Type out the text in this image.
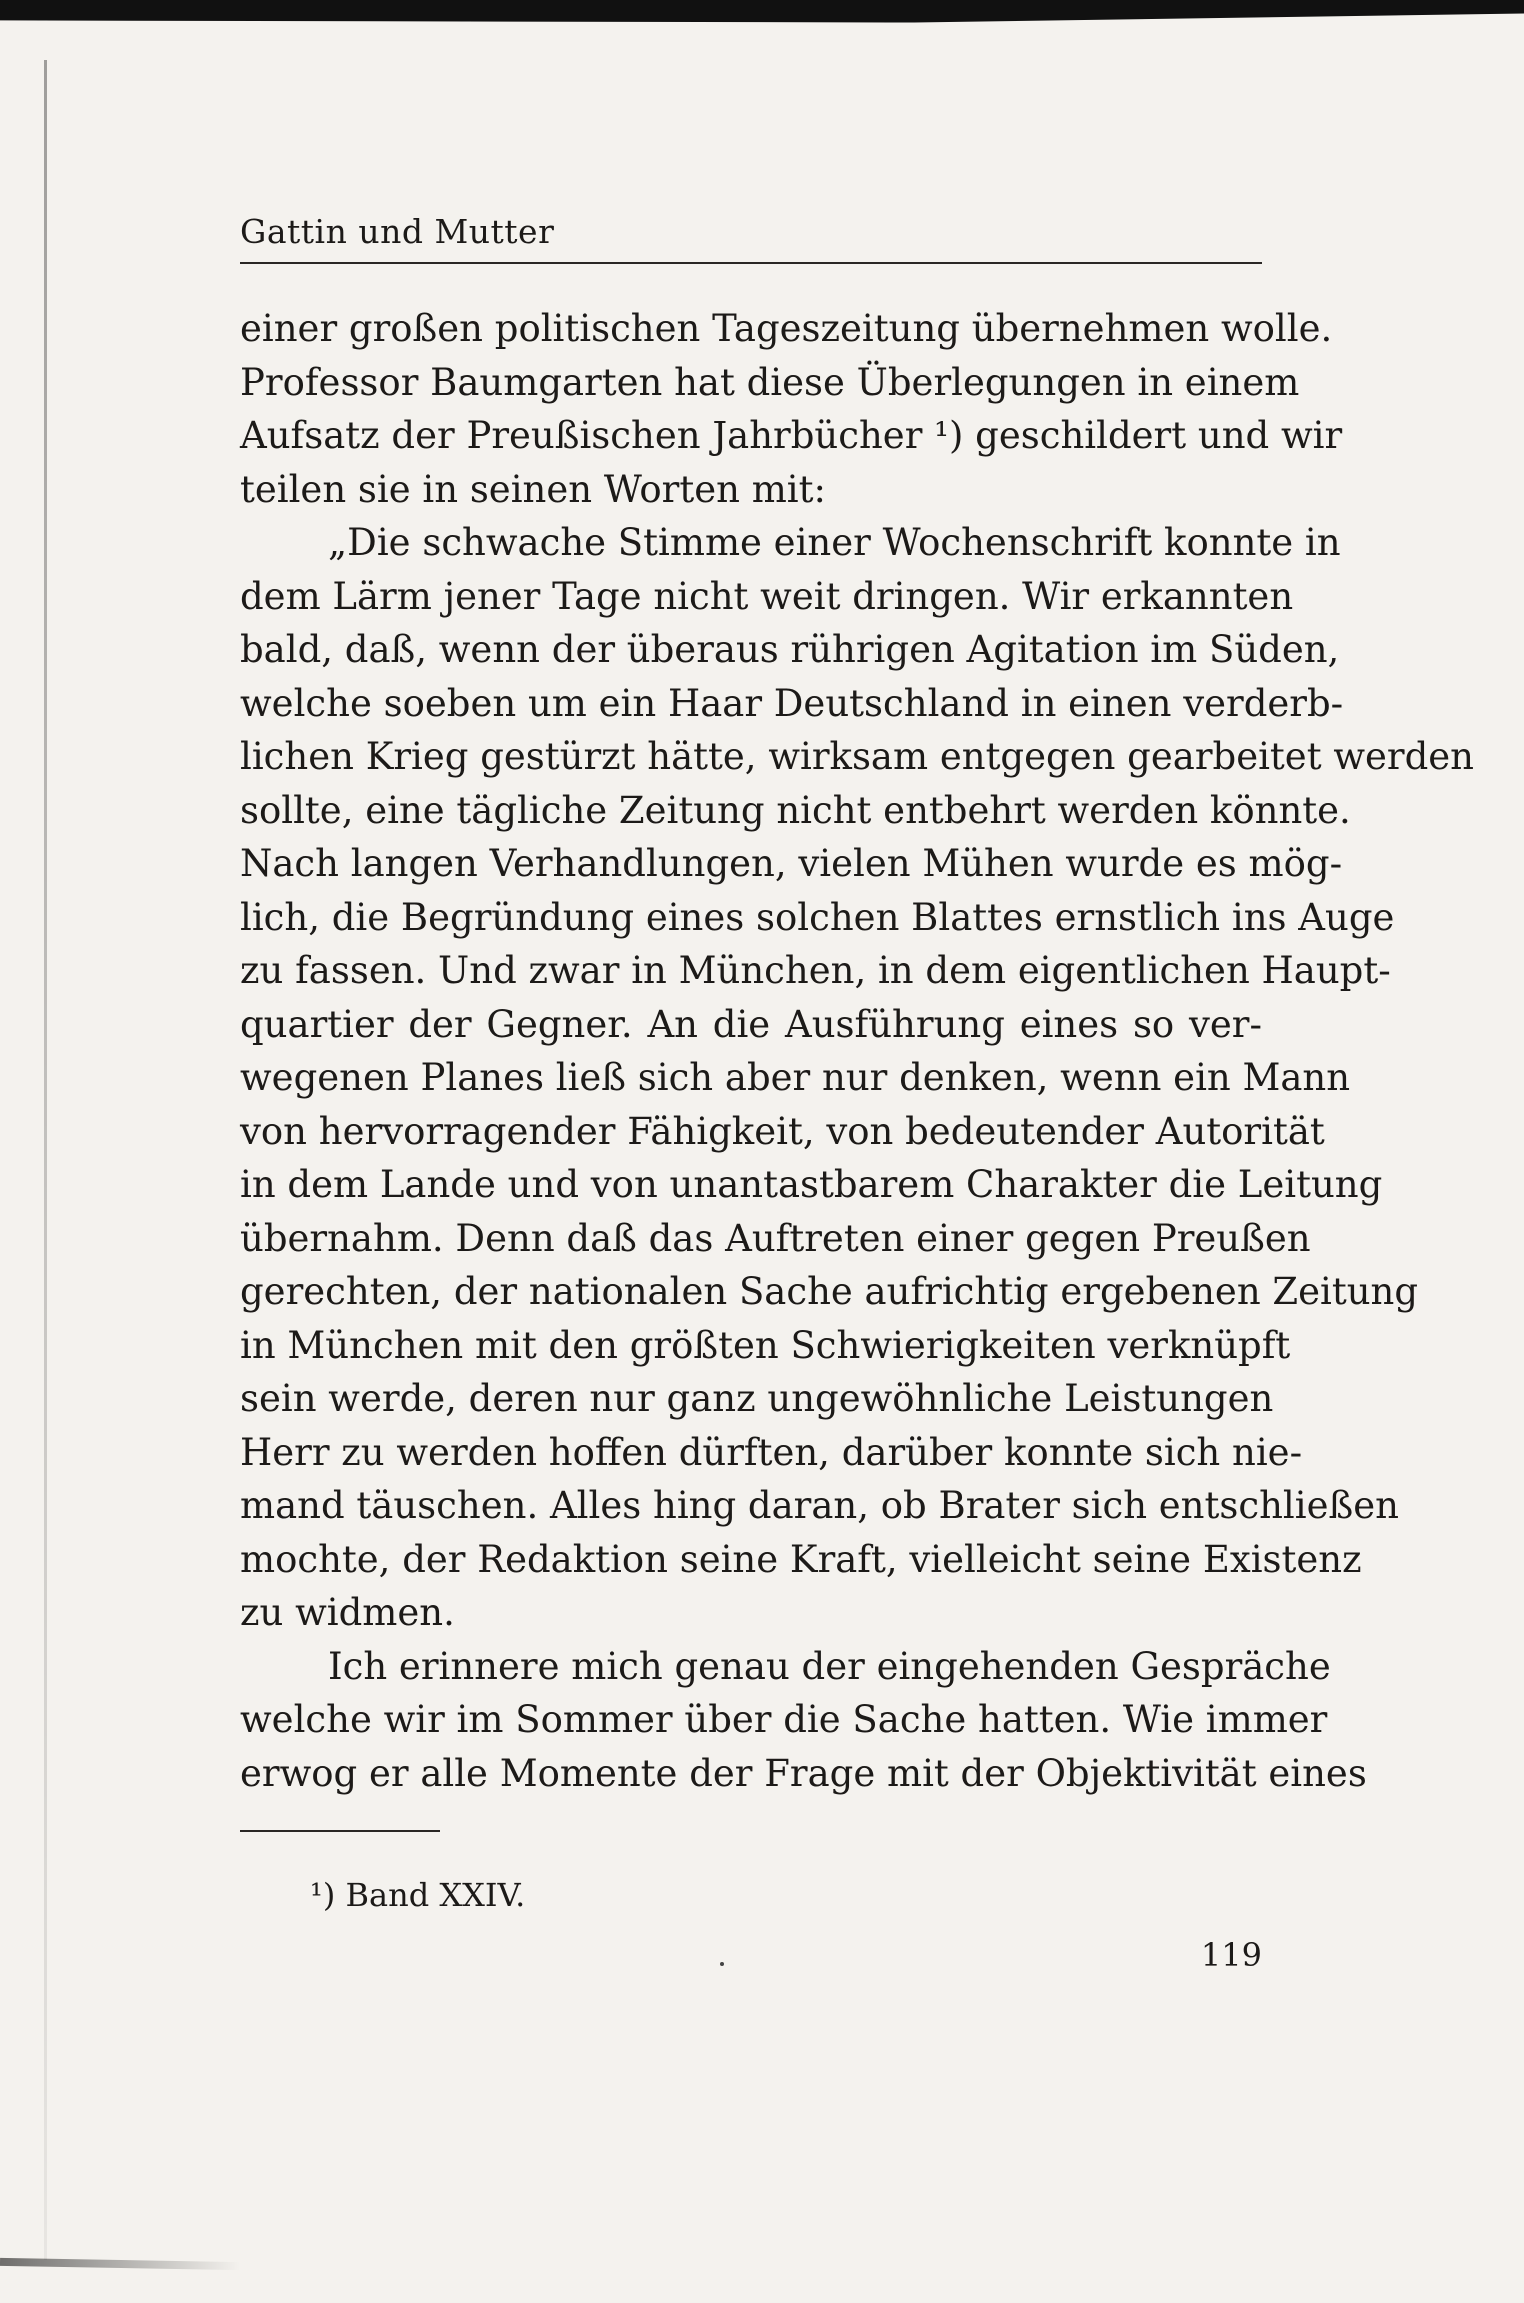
Gattin und Mutter
einer großen politischen Tageszeitung übernehmen wolle.
Professor Baumgarten hat diese Überlegungen in einem
Aufsatz der Preußischen Jahrbücher ¹) geschildert und wir
teilen sie in seinen Worten mit:
„Die schwache Stimme einer Wochenschrift konnte in
dem Lärm jener Tage nicht weit dringen. Wir erkannten
bald, daß, wenn der überaus rührigen Agitation im Süden,
welche soeben um ein Haar Deutschland in einen verderb-
lichen Krieg gestürzt hätte, wirksam entgegen gearbeitet werden
sollte, eine tägliche Zeitung nicht entbehrt werden könnte.
Nach langen Verhandlungen, vielen Mühen wurde es mög-
lich, die Begründung eines solchen Blattes ernstlich ins Auge
zu fassen. Und zwar in München, in dem eigentlichen Haupt-
quartier der Gegner. An die Ausführung eines so ver-
wegenen Planes ließ sich aber nur denken, wenn ein Mann
von hervorragender Fähigkeit, von bedeutender Autorität
in dem Lande und von unantastbarem Charakter die Leitung
übernahm. Denn daß das Auftreten einer gegen Preußen
gerechten, der nationalen Sache aufrichtig ergebenen Zeitung
in München mit den größten Schwierigkeiten verknüpft
sein werde, deren nur ganz ungewöhnliche Leistungen
Herr zu werden hoffen dürften, darüber konnte sich nie-
mand täuschen. Alles hing daran, ob Brater sich entschließen
mochte, der Redaktion seine Kraft, vielleicht seine Existenz
zu widmen.
Ich erinnere mich genau der eingehenden Gespräche
welche wir im Sommer über die Sache hatten. Wie immer
erwog er alle Momente der Frage mit der Objektivität eines
¹) Band XXIV.
119
